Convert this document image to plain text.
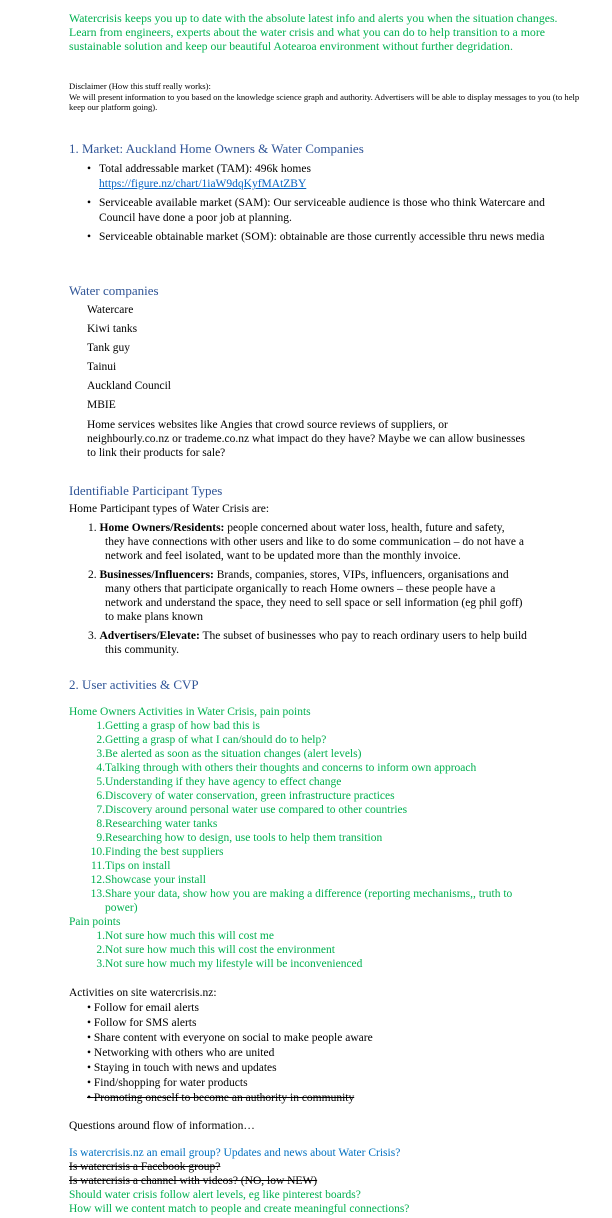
Watercrisis keeps you up to date with the absolute latest info and alerts you when the situation changes. Learn from engineers, experts about the water crisis and what you can do to help transition to a more sustainable solution and keep our beautiful Aotearoa environment without further degridation.

Disclaimer (How this stuff really works):

We will present information to you based on the knowledge science graph and authority. Advertisers will be able to display messages to you (to help keep our platform going).

1. Market: Auckland Home Owners & Water Companies
• Total addressable market (TAM): 496k homes
https://figure.nz/chart/1iaW9dqKyfMAtZBY
• Serviceable available market (SAM): Our serviceable audience is those who think Watercare and Council have done a poor job at planning.
• Serviceable obtainable market (SOM): obtainable are those currently accessible thru news media
Water companies
Watercare
Kiwi tanks
Tank guy
Tainui
Auckland Council
MBIE

Home services websites like Angies that crowd source reviews of suppliers, or neighbourly.co.nz or trademe.co.nz what impact do they have? Maybe we can allow businesses to link their products for sale?

Identifiable Participant Types

Home Participant types of Water Crisis are:

1. Home Owners/Residents: people concerned about water loss, health, future and safety, they have connections with other users and like to do some communication – do not have a network and feel isolated, want to be updated more than the monthly invoice.
2. Businesses/Influencers: Brands, companies, stores, VIPs, influencers, organisations and many others that participate organically to reach Home owners – these people have a network and understand the space, they need to sell space or sell information (eg phil goff) to make plans known
3. Advertisers/Elevate: The subset of businesses who pay to reach ordinary users to help build this community.
2. User activities & CVP

Home Owners Activities in Water Crisis, pain points

1.Getting a grasp of how bad this is
2.Getting a grasp of what I can/should do to help?
3.Be alerted as soon as the situation changes (alert levels)
4.Talking through with others their thoughts and concerns to inform own approach
5.Understanding if they have agency to effect change
6.Discovery of water conservation, green infrastructure practices
7.Discovery around personal water use compared to other countries
8.Researching water tanks
9.Researching how to design, use tools to help them transition
10.Finding the best suppliers
11.Tips on install
12.Showcase your install
13.Share your data, show how you are making a difference (reporting mechanisms,, truth to power)

Pain points

1.Not sure how much this will cost me
2.Not sure how much this will cost the environment
3.Not sure how much my lifestyle will be inconvenienced

Activities on site watercrisis.nz:

• Follow for email alerts
• Follow for SMS alerts
• Share content with everyone on social to make people aware
• Networking with others who are united
• Staying in touch with news and updates
• Find/shopping for water products
• Promoting oneself to become an authority in community

Questions around flow of information…

Is watercrisis.nz an email group? Updates and news about Water Crisis?

Is watercrisis a Facebook group?

Is watercrisis a channel with videos? (NO, low NEW)

Should water crisis follow alert levels, eg like pinterest boards?

How will we content match to people and create meaningful connections?
